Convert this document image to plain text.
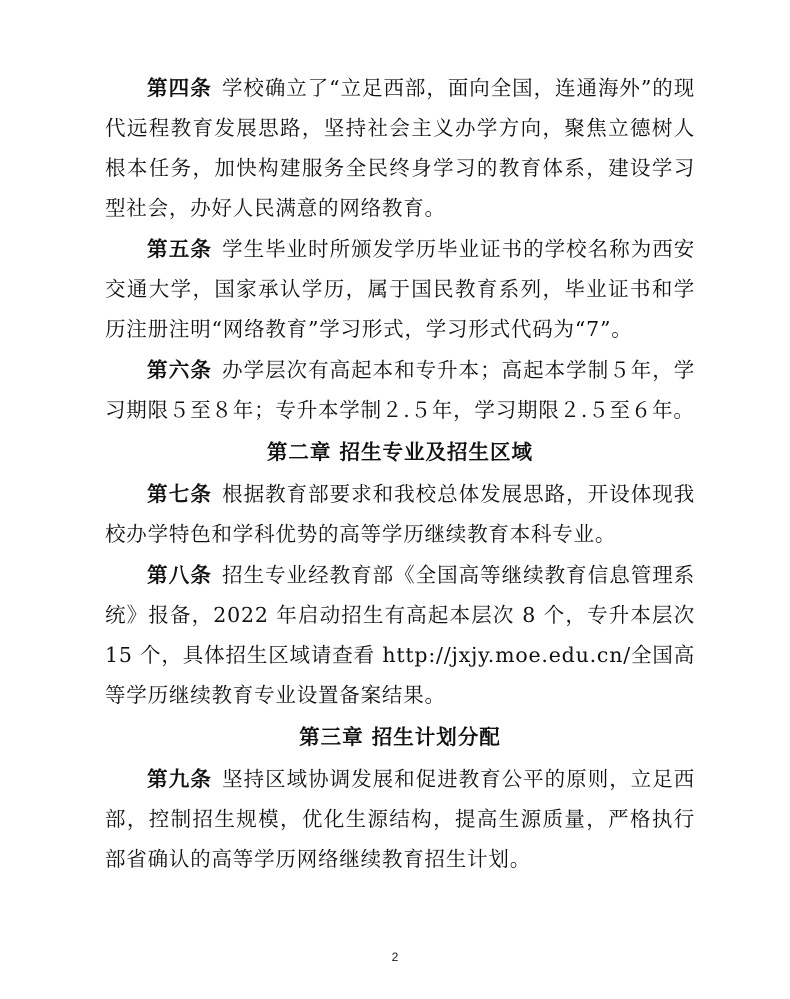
第四条 学校确立了“立足西部，面向全国，连通海外”的现代远程教育发展思路，坚持社会主义办学方向，聚焦立德树人根本任务，加快构建服务全民终身学习的教育体系，建设学习型社会，办好人民满意的网络教育。

第五条 学生毕业时所颁发学历毕业证书的学校名称为西安交通大学，国家承认学历，属于国民教育系列，毕业证书和学历注册注明“网络教育”学习形式，学习形式代码为“7”。

第六条 办学层次有高起本和专升本；高起本学制５年，学习期限５至８年；专升本学制２.５年，学习期限２.５至６年。

第二章 招生专业及招生区域

第七条 根据教育部要求和我校总体发展思路，开设体现我校办学特色和学科优势的高等学历继续教育本科专业。

第八条 招生专业经教育部《全国高等继续教育信息管理系统》报备，2022 年启动招生有高起本层次 8 个，专升本层次 15 个，具体招生区域请查看 http://jxjy.moe.edu.cn/全国高等学历继续教育专业设置备案结果。

第三章 招生计划分配

第九条 坚持区域协调发展和促进教育公平的原则，立足西部，控制招生规模，优化生源结构，提高生源质量，严格执行部省确认的高等学历网络继续教育招生计划。

2
